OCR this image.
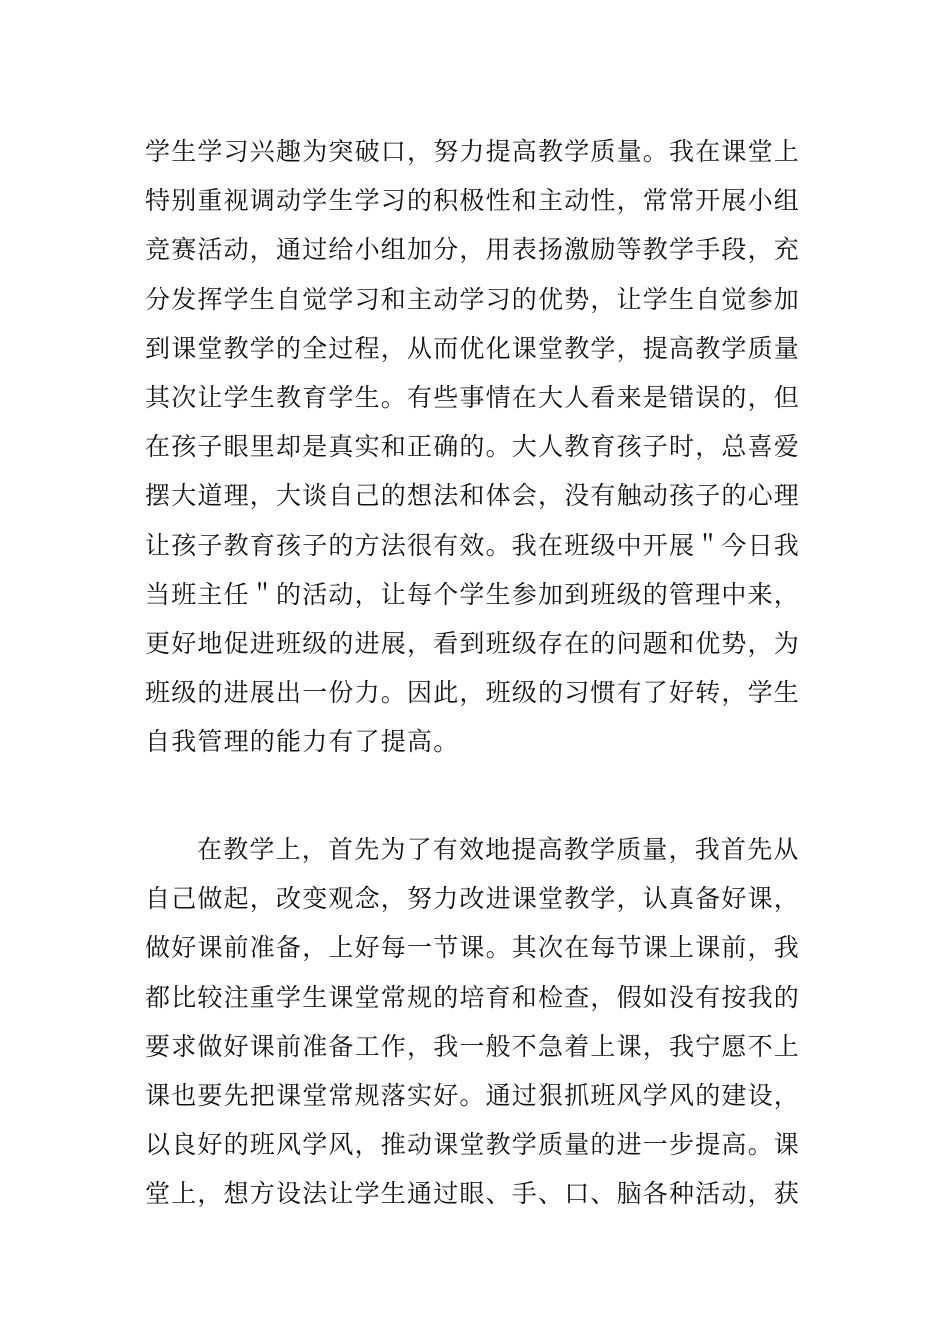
学生学习兴趣为突破口，努力提高教学质量。我在课堂上
特别重视调动学生学习的积极性和主动性，常常开展小组
竞赛活动，通过给小组加分，用表扬激励等教学手段，充
分发挥学生自觉学习和主动学习的优势，让学生自觉参加
到课堂教学的全过程，从而优化课堂教学，提高教学质量
其次让学生教育学生。有些事情在大人看来是错误的，但
在孩子眼里却是真实和正确的。大人教育孩子时，总喜爱
摆大道理，大谈自己的想法和体会，没有触动孩子的心理
让孩子教育孩子的方法很有效。我在班级中开展＂今日我
当班主任＂的活动，让每个学生参加到班级的管理中来，
更好地促进班级的进展，看到班级存在的问题和优势，为
班级的进展出一份力。因此，班级的习惯有了好转，学生
自我管理的能力有了提高。
在教学上，首先为了有效地提高教学质量，我首先从
自己做起，改变观念，努力改进课堂教学，认真备好课，
做好课前准备，上好每一节课。其次在每节课上课前，我
都比较注重学生课堂常规的培育和检查，假如没有按我的
要求做好课前准备工作，我一般不急着上课，我宁愿不上
课也要先把课堂常规落实好。通过狠抓班风学风的建设，
以良好的班风学风，推动课堂教学质量的进一步提高。课
堂上，想方设法让学生通过眼、手、口、脑各种活动，获
